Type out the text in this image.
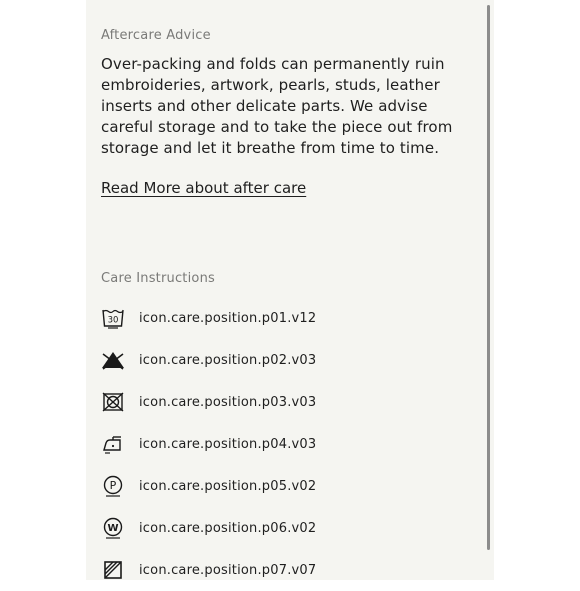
Aftercare Advice

Over-packing and folds can permanently ruin embroideries, artwork, pearls, studs, leather inserts and other delicate parts. We advise careful storage and to take the piece out from storage and let it breathe from time to time.

Read More about after care

Care Instructions

30 icon.care.position.p01.v12
icon.care.position.p02.v03
icon.care.position.p03.v03
icon.care.position.p04.v03
P icon.care.position.p05.v02
W icon.care.position.p06.v02
icon.care.position.p07.v07
